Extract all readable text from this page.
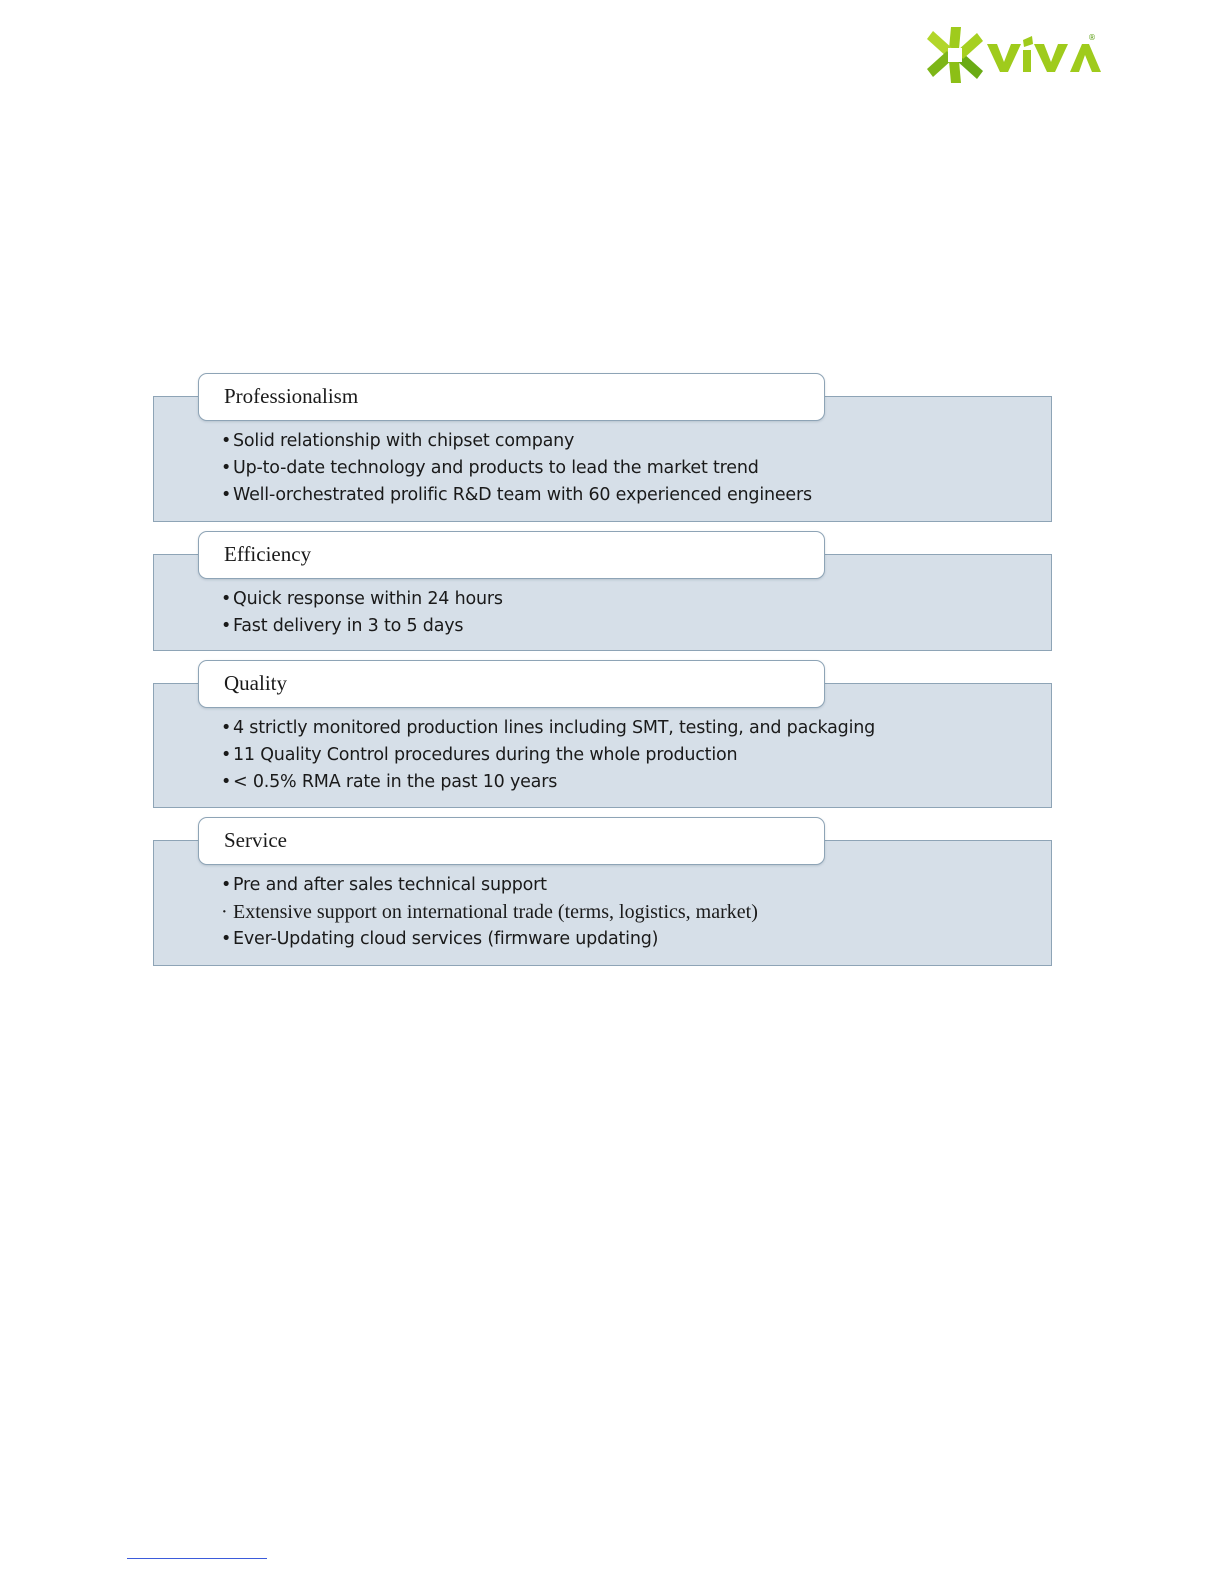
®
Professionalism
• Solid relationship with chipset company
• Up-to-date technology and products to lead the market trend
• Well-orchestrated prolific R&D team with 60 experienced engineers
Efficiency
• Quick response within 24 hours
• Fast delivery in 3 to 5 days
Quality
• 4 strictly monitored production lines including SMT, testing, and packaging
• 11 Quality Control procedures during the whole production
• < 0.5% RMA rate in the past 10 years
Service
• Pre and after sales technical support
· Extensive support on international trade (terms, logistics, market)
• Ever-Updating cloud services (firmware updating)
